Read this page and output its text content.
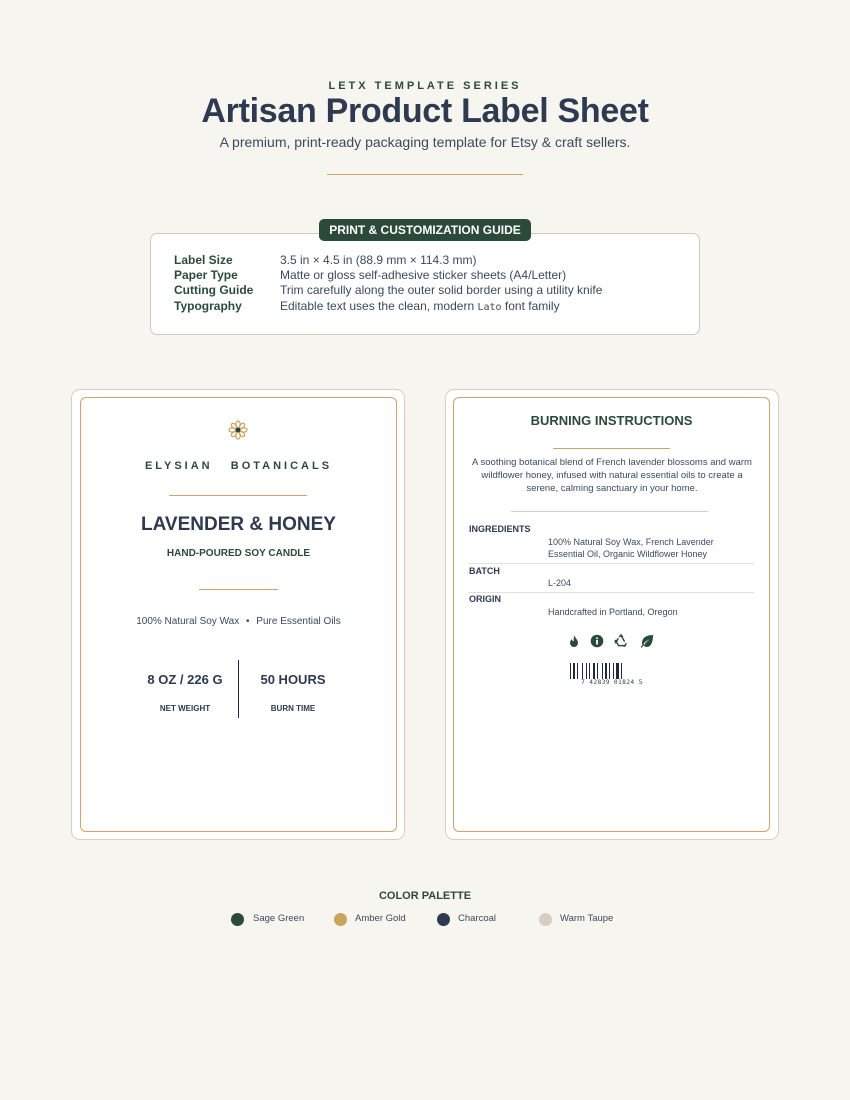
LETX TEMPLATE SERIES
Artisan Product Label Sheet
A premium, print-ready packaging template for Etsy & craft sellers.
PRINT & CUSTOMIZATION GUIDE
Label Size	3.5 in × 4.5 in (88.9 mm × 114.3 mm)
Paper Type	Matte or gloss self-adhesive sticker sheets (A4/Letter)
Cutting Guide	Trim carefully along the outer solid border using a utility knife
Typography	Editable text uses the clean, modern Lato font family
ELYSIAN   BOTANICALS
LAVENDER & HONEY
HAND-POURED SOY CANDLE
100% Natural Soy Wax • Pure Essential Oils
8 OZ / 226 G
NET WEIGHT
50 HOURS
BURN TIME
BURNING INSTRUCTIONS
A soothing botanical blend of French lavender blossoms and warm wildflower honey, infused with natural essential oils to create a serene, calming sanctuary in your home.
INGREDIENTS
100% Natural Soy Wax, French Lavender Essential Oil, Organic Wildflower Honey
BATCH
L-204
ORIGIN
Handcrafted in Portland, Oregon
7 42839 01824 5
COLOR PALETTE
Sage Green	Amber Gold	Charcoal	Warm Taupe
